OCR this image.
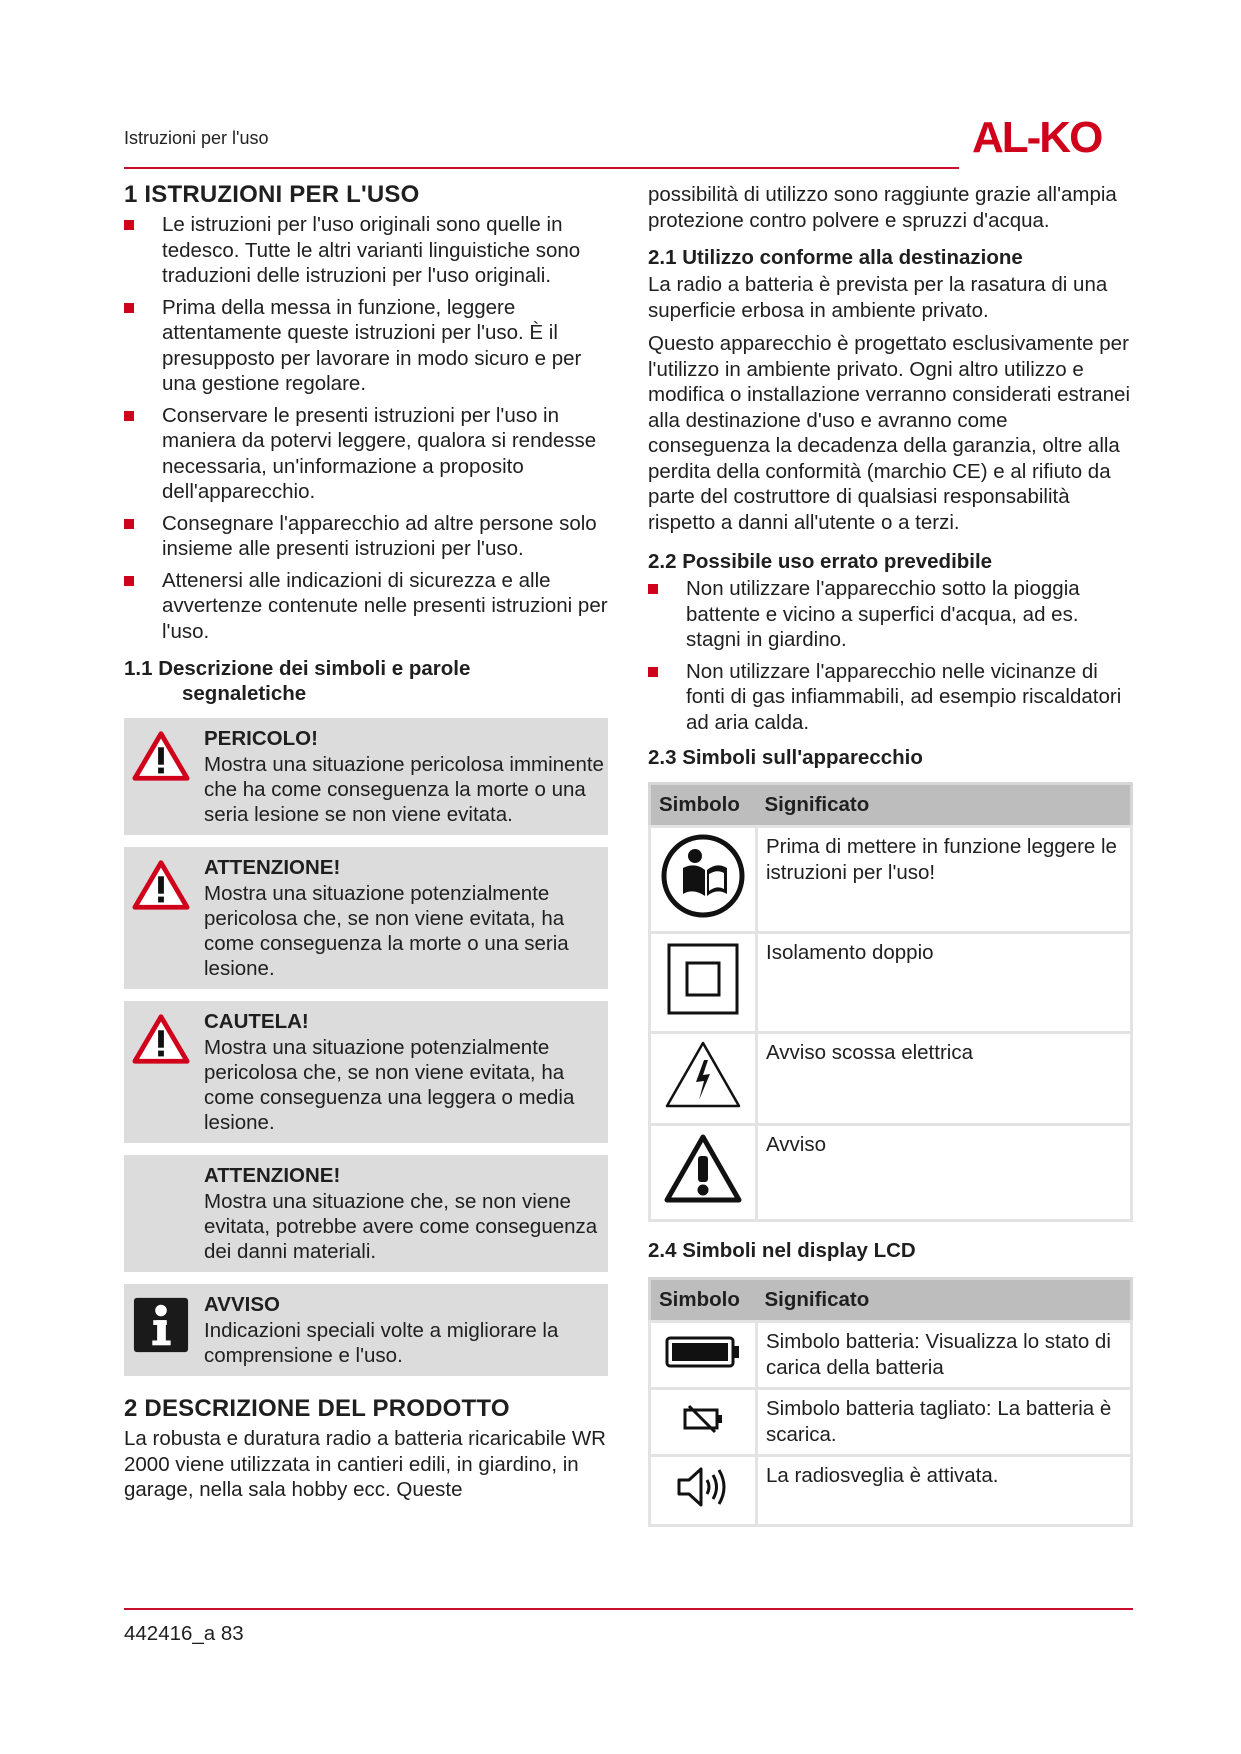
Istruzioni per l'uso	AL-KO
1 ISTRUZIONI PER L'USO
Le istruzioni per l'uso originali sono quelle in tedesco. Tutte le altri varianti linguistiche sono traduzioni delle istruzioni per l'uso originali.
Prima della messa in funzione, leggere attentamente queste istruzioni per l'uso. È il presupposto per lavorare in modo sicuro e per una gestione regolare.
Conservare le presenti istruzioni per l'uso in maniera da potervi leggere, qualora si rendesse necessaria, un'informazione a proposito dell'apparecchio.
Consegnare l'apparecchio ad altre persone solo insieme alle presenti istruzioni per l'uso.
Attenersi alle indicazioni di sicurezza e alle avvertenze contenute nelle presenti istruzioni per l'uso.
1.1 Descrizione dei simboli e parole
segnaletiche
PERICOLO!
Mostra una situazione pericolosa imminente che ha come conseguenza la morte o una seria lesione se non viene evitata.
ATTENZIONE!
Mostra una situazione potenzialmente pericolosa che, se non viene evitata, ha come conseguenza la morte o una seria lesione.
CAUTELA!
Mostra una situazione potenzialmente pericolosa che, se non viene evitata, ha come conseguenza una leggera o media lesione.
ATTENZIONE!
Mostra una situazione che, se non viene evitata, potrebbe avere come conseguenza dei danni materiali.
AVVISO
Indicazioni speciali volte a migliorare la comprensione e l'uso.
2 DESCRIZIONE DEL PRODOTTO

La robusta e duratura radio a batteria ricaricabile WR 2000 viene utilizzata in cantieri edili, in giardino, in garage, nella sala hobby ecc. Queste

possibilità di utilizzo sono raggiunte grazie all'ampia protezione contro polvere e spruzzi d'acqua.

2.1 Utilizzo conforme alla destinazione

La radio a batteria è prevista per la rasatura di una superficie erbosa in ambiente privato.

Questo apparecchio è progettato esclusivamente per l'utilizzo in ambiente privato. Ogni altro utilizzo e modifica o installazione verranno considerati estranei alla destinazione d'uso e avranno come conseguenza la decadenza della garanzia, oltre alla perdita della conformità (marchio CE) e al rifiuto da parte del costruttore di qualsiasi responsabilità rispetto a danni all'utente o a terzi.

2.2 Possibile uso errato prevedibile
Non utilizzare l'apparecchio sotto la pioggia battente e vicino a superfici d'acqua, ad es. stagni in giardino.
Non utilizzare l'apparecchio nelle vicinanze di fonti di gas infiammabili, ad esempio riscaldatori ad aria calda.
2.3 Simboli sull'apparecchio
Simbolo	Significato
	Prima di mettere in funzione leggere le istruzioni per l'uso!
	Isolamento doppio
	Avviso scossa elettrica
	Avviso
2.4 Simboli nel display LCD
Simbolo	Significato
	Simbolo batteria: Visualizza lo stato di carica della batteria
	Simbolo batteria tagliato: La batteria è scarica.
	La radiosveglia è attivata.
442416_a 83
